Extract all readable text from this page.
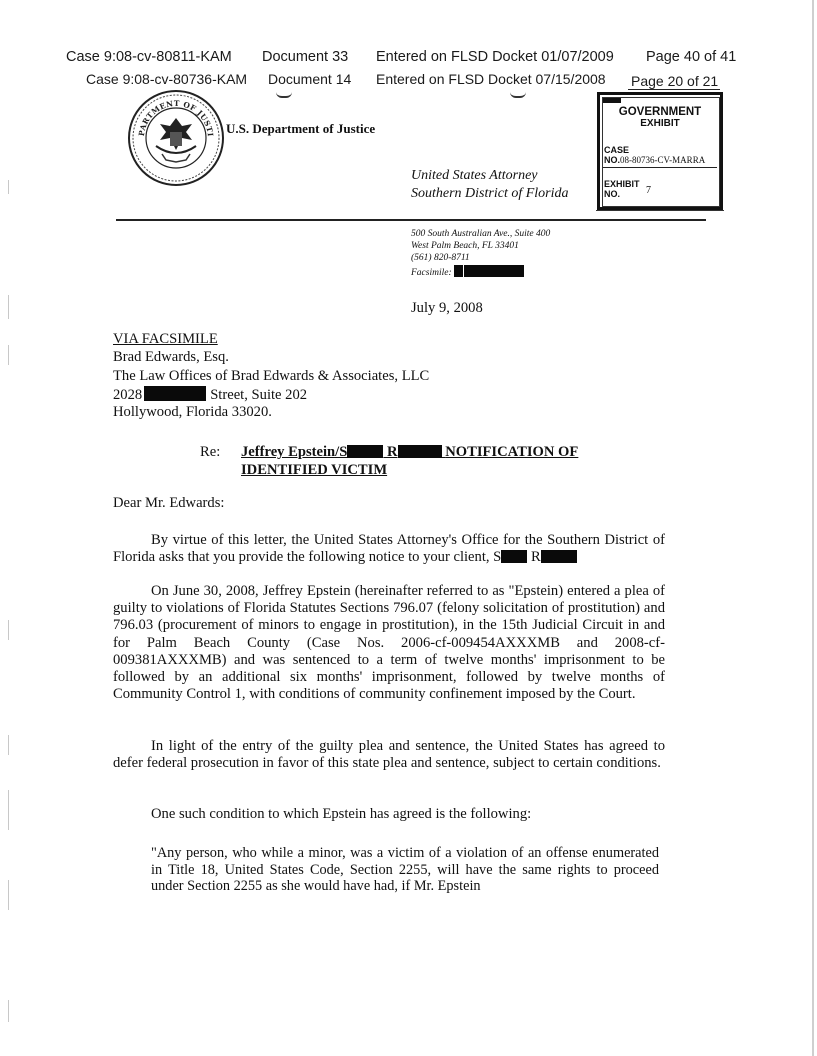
Case 9:08-cv-80811-KAM Document 33 Entered on FLSD Docket 01/07/2009 Page 40 of 41
Case 9:08-cv-80736-KAM Document 14 Entered on FLSD Docket 07/15/2008 Page 20 of 21
PARTMENT OF JUSTI U.S. Department of Justice
United States Attorney
Southern District of Florida
GOVERNMENT
EXHIBIT
CASE
NO.08-80736-CV-MARRA
EXHIBIT
NO.	7
500 South Australian Ave., Suite 400
West Palm Beach, FL 33401
(561) 820-8711
Facsimile:
July 9, 2008
VIA FACSIMILE
Brad Edwards, Esq.
The Law Offices of Brad Edwards & Associates, LLC
2028	Street, Suite 202
Hollywood, Florida 33020.
Re: Jeffrey Epstein/S	R	NOTIFICATION OF
IDENTIFIED VICTIM
Dear Mr. Edwards:
By virtue of this letter, the United States Attorney's Office for the Southern District of Florida asks that you provide the following notice to your client, S R
On June 30, 2008, Jeffrey Epstein (hereinafter referred to as "Epstein) entered a plea of guilty to violations of Florida Statutes Sections 796.07 (felony solicitation of prostitution) and 796.03 (procurement of minors to engage in prostitution), in the 15th Judicial Circuit in and for Palm Beach County (Case Nos. 2006-cf-009454AXXXMB and 2008-cf-009381AXXXMB) and was sentenced to a term of twelve months' imprisonment to be followed by an additional six months' imprisonment, followed by twelve months of Community Control 1, with conditions of community confinement imposed by the Court.
In light of the entry of the guilty plea and sentence, the United States has agreed to defer federal prosecution in favor of this state plea and sentence, subject to certain conditions.
One such condition to which Epstein has agreed is the following:
"Any person, who while a minor, was a victim of a violation of an offense enumerated in Title 18, United States Code, Section 2255, will have the same rights to proceed under Section 2255 as she would have had, if Mr. Epstein
